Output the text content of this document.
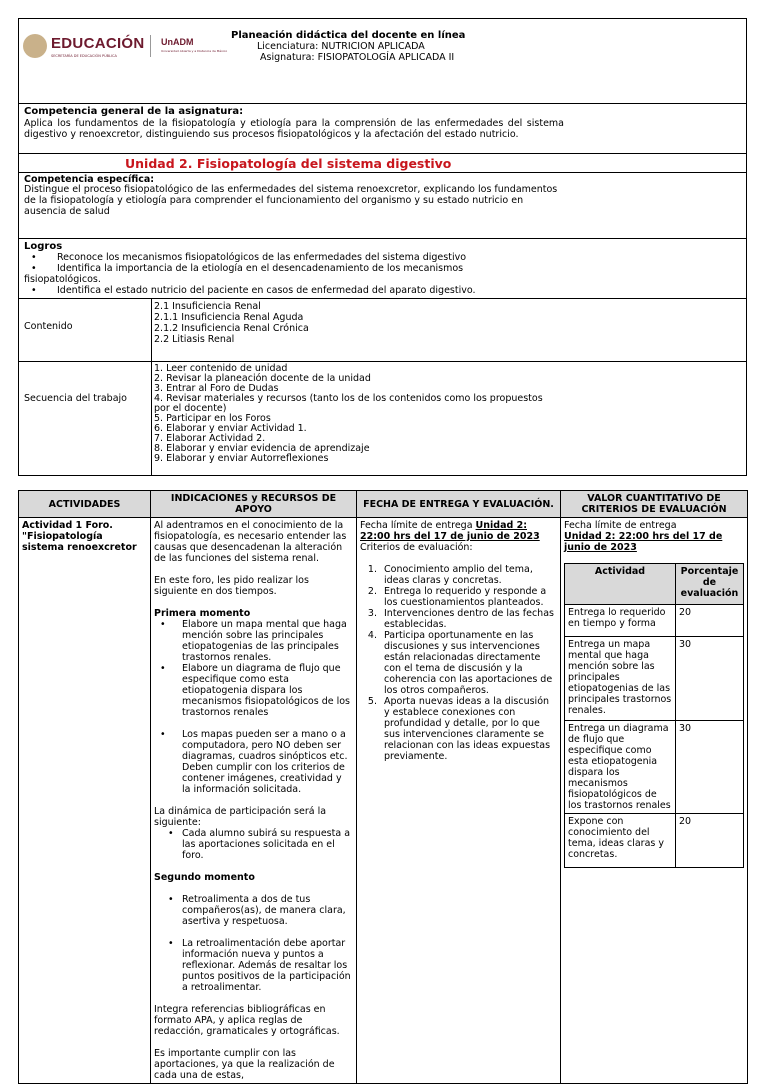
EDUCACIÓN
SECRETARÍA DE EDUCACIÓN PÚBLICA
UnADM
Universidad Abierta y a Distancia de México
Planeación didáctica del docente en línea
Licenciatura: NUTRICION APLICADA
Asignatura: FISIOPATOLOGÍA APLICADA II
Competencia general de la asignatura:
Aplica los fundamentos de la fisiopatología y etiología para la comprensión de las enfermedades del sistema digestivo y renoexcretor, distinguiendo sus procesos fisiopatológicos y la afectación del estado nutricio.
Unidad 2. Fisiopatología del sistema digestivo
Competencia específica:
Distingue el proceso fisiopatológico de las enfermedades del sistema renoexcretor, explicando los fundamentos de la fisiopatología y etiología para comprender el funcionamiento del organismo y su estado nutricio en ausencia de salud
Logros
• Reconoce los mecanismos fisiopatológicos de las enfermedades del sistema digestivo
• Identifica la importancia de la etiología en el desencadenamiento de los mecanismos fisiopatológicos.
• Identifica el estado nutricio del paciente en casos de enfermedad del aparato digestivo.
Contenido
2.1 Insuficiencia Renal
2.1.1 Insuficiencia Renal Aguda
2.1.2 Insuficiencia Renal Crónica
2.2 Litiasis Renal
Secuencia del trabajo
1. Leer contenido de unidad
2. Revisar la planeación docente de la unidad
3. Entrar al Foro de Dudas
4. Revisar materiales y recursos (tanto los de los contenidos como los propuestos por el docente)
5. Participar en los Foros
6. Elaborar y enviar Actividad 1.
7. Elaborar Actividad 2.
8. Elaborar y enviar evidencia de aprendizaje
9. Elaborar y enviar Autorreflexiones
ACTIVIDADES	INDICACIONES y RECURSOS DE APOYO	FECHA DE ENTREGA Y EVALUACIÓN.	VALOR CUANTITATIVO DE CRITERIOS DE EVALUACIÓN

Actividad 1 Foro.
"Fisiopatología sistema renoexcretor

Al adentramos en el conocimiento de la fisiopatología, es necesario entender las causas que desencadenan la alteración de las funciones del sistema renal.
En este foro, les pido realizar los siguiente en dos tiempos.
Primera momento
•	Elabore un mapa mental que haga mención sobre las principales etiopatogenias de las principales trastornos renales.
•	Elabore un diagrama de flujo que especifique como esta etiopatogenia dispara los mecanismos fisiopatológicos de los trastornos renales
•	Los mapas pueden ser a mano o a computadora, pero NO deben ser diagramas, cuadros sinópticos etc. Deben cumplir con los criterios de contener imágenes, creatividad y la información solicitada.
La dinámica de participación será la siguiente:
• Cada alumno subirá su respuesta a las aportaciones solicitada en el foro.
Segundo momento
• Retroalimenta a dos de tus compañeros(as), de manera clara, asertiva y respetuosa.
• La retroalimentación debe aportar información nueva y puntos a reflexionar. Además de resaltar los puntos positivos de la participación a retroalimentar.
Integra referencias bibliográficas en formato APA, y aplica reglas de redacción, gramaticales y ortográficas.
Es importante cumplir con las aportaciones, ya que la realización de cada una de estas,

Fecha límite de entrega Unidad 2: 22:00 hrs del 17 de junio de 2023
Criterios de evaluación:
1. Conocimiento amplio del tema, ideas claras y concretas.
2. Entrega lo requerido y responde a los cuestionamientos planteados.
3. Intervenciones dentro de las fechas establecidas.
4. Participa oportunamente en las discusiones y sus intervenciones están relacionadas directamente con el tema de discusión y la coherencia con las aportaciones de los otros compañeros.
5. Aporta nuevas ideas a la discusión y establece conexiones con profundidad y detalle, por lo que sus intervenciones claramente se relacionan con las ideas expuestas previamente.

Fecha límite de entrega
Unidad 2: 22:00 hrs del 17 de junio de 2023
Actividad	Porcentaje de evaluación
Entrega lo requerido en tiempo y forma	20
Entrega un mapa mental que haga mención sobre las principales etiopatogenias de las principales trastornos renales.	30
Entrega un diagrama de flujo que especifique como esta etiopatogenia dispara los mecanismos fisiopatológicos de los trastornos renales	30
Expone con conocimiento del tema, ideas claras y concretas.	20
